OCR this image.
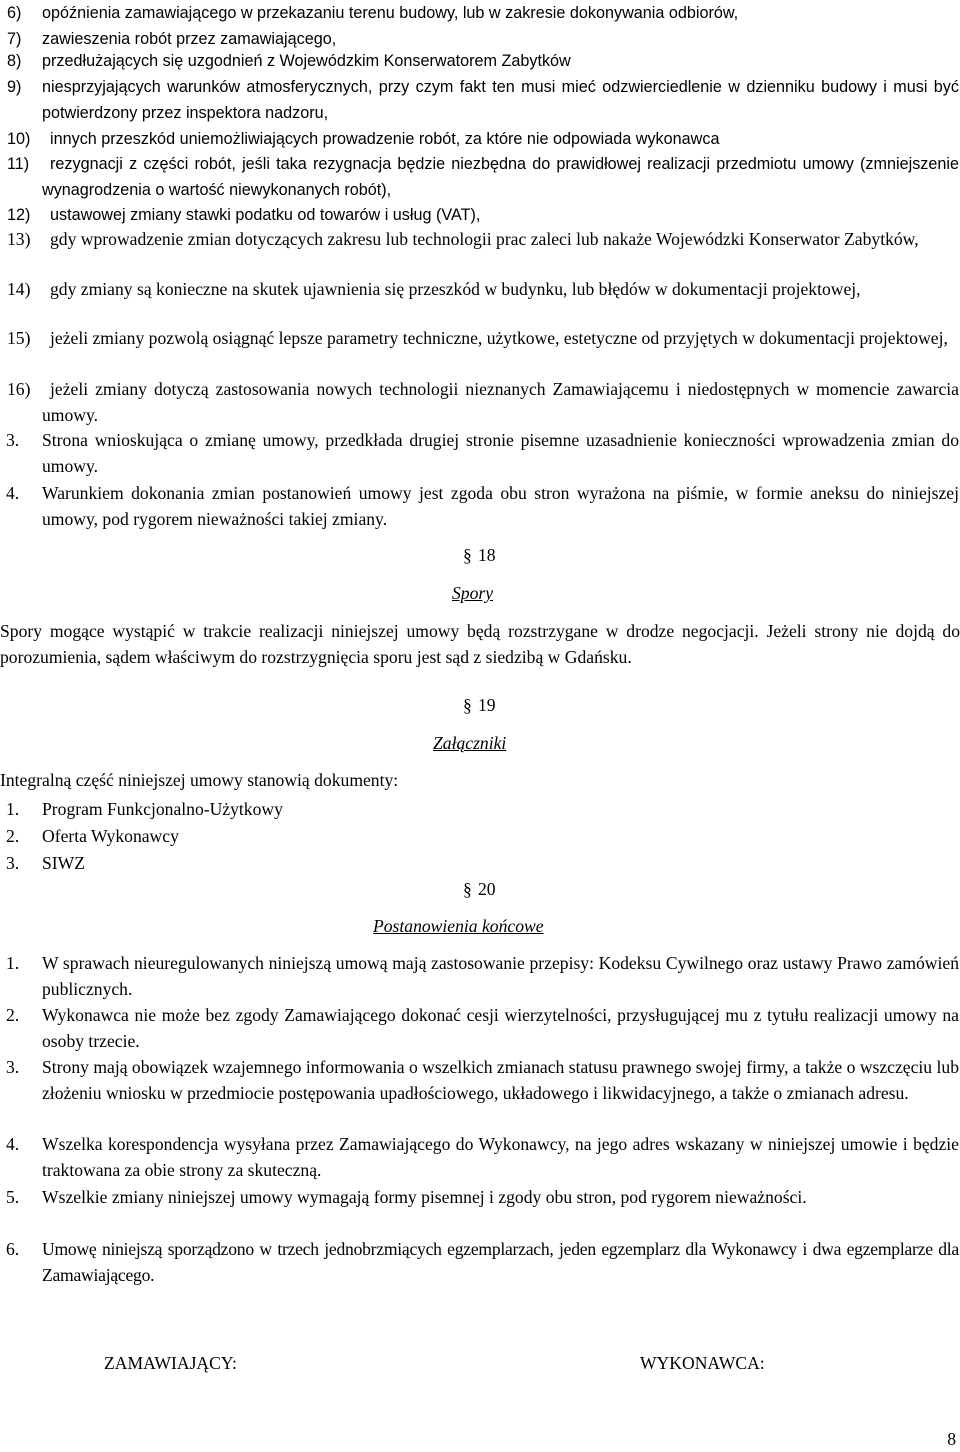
6) opóźnienia zamawiającego w przekazaniu terenu budowy, lub w zakresie dokonywania odbiorów,
7) zawieszenia robót przez zamawiającego,
8) przedłużających się uzgodnień z Wojewódzkim Konserwatorem Zabytków
9) niesprzyjających warunków atmosferycznych, przy czym fakt ten musi mieć odzwierciedlenie w dzienniku budowy i musi być potwierdzony przez inspektora nadzoru,
10) innych przeszkód uniemożliwiających prowadzenie robót, za które nie odpowiada wykonawca
11)	rezygnacji z części robót, jeśli taka rezygnacja będzie niezbędna do prawidłowej realizacji przedmiotu umowy (zmniejszenie wynagrodzenia o wartość niewykonanych robót),
12) ustawowej zmiany stawki podatku od towarów i usług (VAT),
13)	gdy wprowadzenie zmian dotyczących zakresu lub technologii prac zaleci lub nakaże Wojewódzki Konserwator Zabytków,
14)	gdy zmiany są konieczne na skutek ujawnienia się przeszkód w budynku, lub błędów w dokumentacji projektowej,
15)	jeżeli zmiany pozwolą osiągnąć lepsze parametry techniczne, użytkowe, estetyczne od przyjętych w dokumentacji projektowej,
16)	jeżeli zmiany dotyczą zastosowania nowych technologii nieznanych Zamawiającemu i niedostępnych w momencie zawarcia umowy.
3. Strona wnioskująca o zmianę umowy, przedkłada drugiej stronie pisemne uzasadnienie konieczności wprowadzenia zmian do umowy.
4. Warunkiem dokonania zmian postanowień umowy jest zgoda obu stron wyrażona na piśmie, w formie aneksu do niniejszej umowy, pod rygorem nieważności takiej zmiany.
§ 18
Spory
Spory mogące wystąpić w trakcie realizacji niniejszej umowy będą rozstrzygane w drodze negocjacji. Jeżeli strony nie dojdą do porozumienia, sądem właściwym do rozstrzygnięcia sporu jest sąd z siedzibą w Gdańsku.
§ 19
Załączniki
Integralną część niniejszej umowy stanowią dokumenty:
1. Program Funkcjonalno-Użytkowy
2. Oferta Wykonawcy
3. SIWZ
§ 20
Postanowienia końcowe
1. W sprawach nieuregulowanych niniejszą umową mają zastosowanie przepisy: Kodeksu Cywilnego oraz ustawy Prawo zamówień publicznych.
2. Wykonawca nie może bez zgody Zamawiającego dokonać cesji wierzytelności, przysługującej mu z tytułu realizacji umowy na osoby trzecie.
3. Strony mają obowiązek wzajemnego informowania o wszelkich zmianach statusu prawnego swojej firmy, a także o wszczęciu lub złożeniu wniosku w przedmiocie postępowania upadłościowego, układowego i likwidacyjnego, a także o zmianach adresu.
4. Wszelka korespondencja wysyłana przez Zamawiającego do Wykonawcy, na jego adres wskazany w niniejszej umowie i będzie traktowana za obie strony za skuteczną.
5. Wszelkie zmiany niniejszej umowy wymagają formy pisemnej i zgody obu stron, pod rygorem nieważności.
6. Umowę niniejszą sporządzono w trzech jednobrzmiących egzemplarzach, jeden egzemplarz dla Wykonawcy i dwa egzemplarze dla Zamawiającego.
ZAMAWIAJĄCY:	WYKONAWCA:
8
